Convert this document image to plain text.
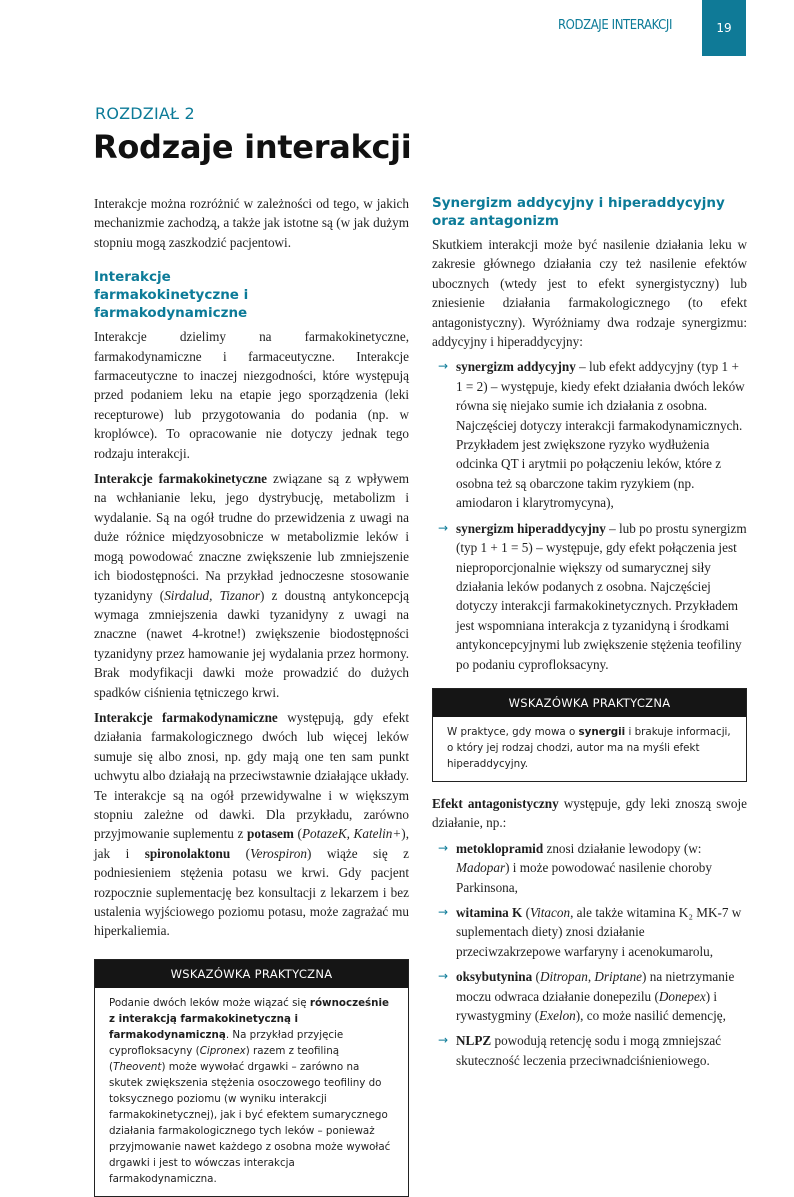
RODZAJE INTERAKCJI	19
ROZDZIAŁ 2
Rodzaje interakcji

Interakcje można rozróżnić w zależności od tego, w jakich mechanizmie zachodzą, a także jak istotne są (w jak dużym stopniu mogą zaszkodzić pacjentowi.

Interakcje farmakokinetyczne i farmakodynamiczne

Interakcje dzielimy na farmakokinetyczne, farmakodynamiczne i farmaceutyczne. Interakcje farmaceutyczne to inaczej niezgodności, które występują przed podaniem leku na etapie jego sporządzenia (leki recepturowe) lub przygotowania do podania (np. w kroplówce). To opracowanie nie dotyczy jednak tego rodzaju interakcji.

Interakcje farmakokinetyczne związane są z wpływem na wchłanianie leku, jego dystrybucję, metabolizm i wydalanie. Są na ogół trudne do przewidzenia z uwagi na duże różnice międzyosobnicze w metabolizmie leków i mogą powodować znaczne zwiększenie lub zmniejszenie ich biodostępności. Na przykład jednoczesne stosowanie tyzanidyny (Sirdalud, Tizanor) z doustną antykoncepcją wymaga zmniejszenia dawki tyzanidyny z uwagi na znaczne (nawet 4-krotne!) zwiększenie biodostępności tyzanidyny przez hamowanie jej wydalania przez hormony. Brak modyfikacji dawki może prowadzić do dużych spadków ciśnienia tętniczego krwi.

Interakcje farmakodynamiczne występują, gdy efekt działania farmakologicznego dwóch lub więcej leków sumuje się albo znosi, np. gdy mają one ten sam punkt uchwytu albo działają na przeciwstawnie działające układy. Te interakcje są na ogół przewidywalne i w większym stopniu zależne od dawki. Dla przykładu, zarówno przyjmowanie suplementu z potasem (PotazeK, Katelin+), jak i spironolaktonu (Verospiron) wiąże się z podniesieniem stężenia potasu we krwi. Gdy pacjent rozpocznie suplementację bez konsultacji z lekarzem i bez ustalenia wyjściowego poziomu potasu, może zagrażać mu hiperkaliemia.

WSKAZÓWKA PRAKTYCZNA
Podanie dwóch leków może wiązać się równocześnie z interakcją farmakokinetyczną i farmakodynamiczną. Na przykład przyjęcie cyprofloksacyny (Cipronex) razem z teofiliną (Theovent) może wywołać drgawki – zarówno na skutek zwiększenia stężenia osoczowego teofiliny do toksycznego poziomu (w wyniku interakcji farmakokinetycznej), jak i być efektem sumarycznego działania farmakologicznego tych leków – ponieważ przyjmowanie nawet każdego z osobna może wywołać drgawki i jest to wówczas interakcja farmakodynamiczna.
Synergizm addycyjny i hiperaddycyjny oraz antagonizm

Skutkiem interakcji może być nasilenie działania leku w zakresie głównego działania czy też nasilenie efektów ubocznych (wtedy jest to efekt synergistyczny) lub zniesienie działania farmakologicznego (to efekt antagonistyczny). Wyróżniamy dwa rodzaje synergizmu: addycyjny i hiperaddycyjny:

→ synergizm addycyjny – lub efekt addycyjny (typ 1 + 1 = 2) – występuje, kiedy efekt działania dwóch leków równa się niejako sumie ich działania z osobna. Najczęściej dotyczy interakcji farmakodynamicznych. Przykładem jest zwiększone ryzyko wydłużenia odcinka QT i arytmii po połączeniu leków, które z osobna też są obarczone takim ryzykiem (np. amiodaron i klarytromycyna),
→ synergizm hiperaddycyjny – lub po prostu synergizm (typ 1 + 1 = 5) – występuje, gdy efekt połączenia jest nieproporcjonalnie większy od sumarycznej siły działania leków podanych z osobna. Najczęściej dotyczy interakcji farmakokinetycznych. Przykładem jest wspomniana interakcja z tyzanidyną i środkami antykoncepcyjnymi lub zwiększenie stężenia teofiliny po podaniu cyprofloksacyny.
WSKAZÓWKA PRAKTYCZNA
W praktyce, gdy mowa o synergii i brakuje informacji, o który jej rodzaj chodzi, autor ma na myśli efekt hiperaddycyjny.

Efekt antagonistyczny występuje, gdy leki znoszą swoje działanie, np.:

→ metoklopramid znosi działanie lewodopy (w: Madopar) i może powodować nasilenie choroby Parkinsona,
→ witamina K (Vitacon, ale także witamina K₂ MK-7 w suplementach diety) znosi działanie przeciwzakrzepowe warfaryny i acenokumarolu,
→ oksybutynina (Ditropan, Driptane) na nietrzymanie moczu odwraca działanie donepezilu (Donepex) i rywastygminy (Exelon), co może nasilić demencję,
→ NLPZ powodują retencję sodu i mogą zmniejszać skuteczność leczenia przeciwnadciśnieniowego.
